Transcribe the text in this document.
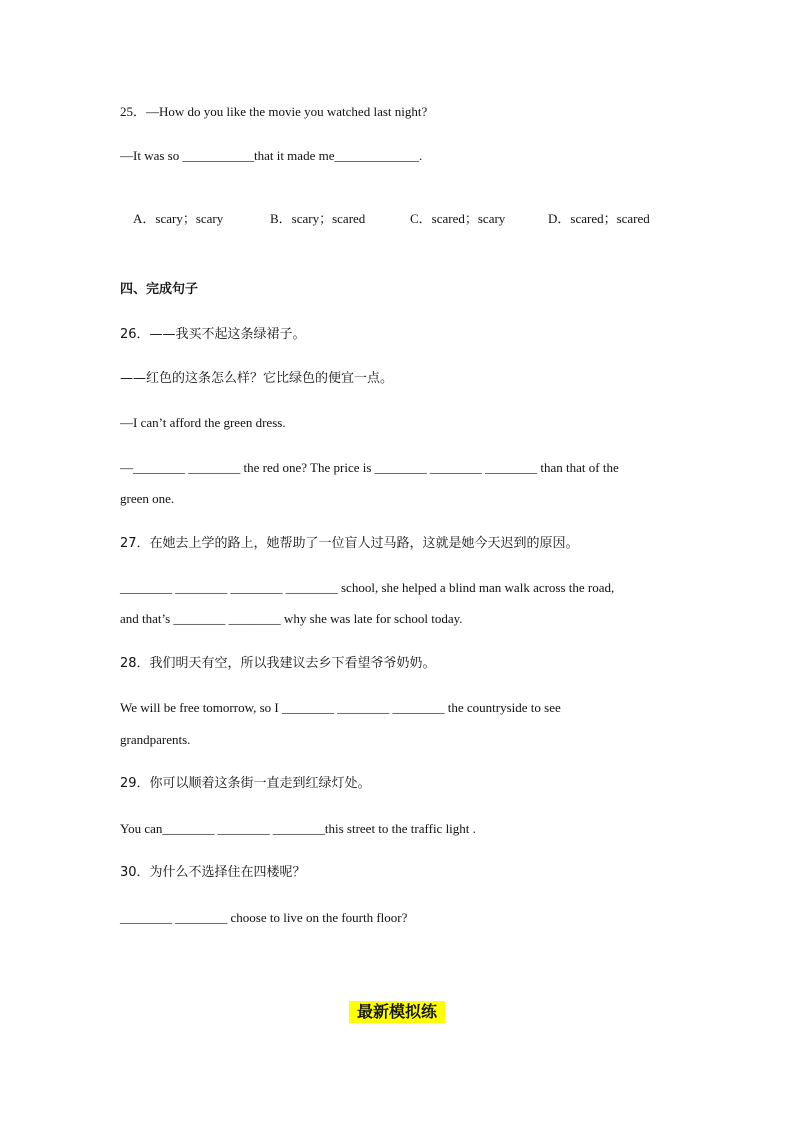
25．—How do you like the movie you watched last night?
—It was so ___________that it made me_____________.

A．scary；scary	B．scary；scared	C．scared；scary	D．scared；scared

四、完成句子
26．——我买不起这条绿裙子。
——红色的这条怎么样？它比绿色的便宜一点。
—I can’t afford the green dress.
—________ ________ the red one? The price is ________ ________ ________ than that of the
green one.
27．在她去上学的路上，她帮助了一位盲人过马路，这就是她今天迟到的原因。
________ ________ ________ ________ school, she helped a blind man walk across the road,
and that’s ________ ________ why she was late for school today.
28．我们明天有空，所以我建议去乡下看望爷爷奶奶。
We will be free tomorrow, so I ________ ________ ________ the countryside to see
grandparents.
29．你可以顺着这条街一直走到红绿灯处。
You can________ ________ ________this street to the traffic light .
30．为什么不选择住在四楼呢？
________ ________ choose to live on the fourth floor?
最新模拟练
